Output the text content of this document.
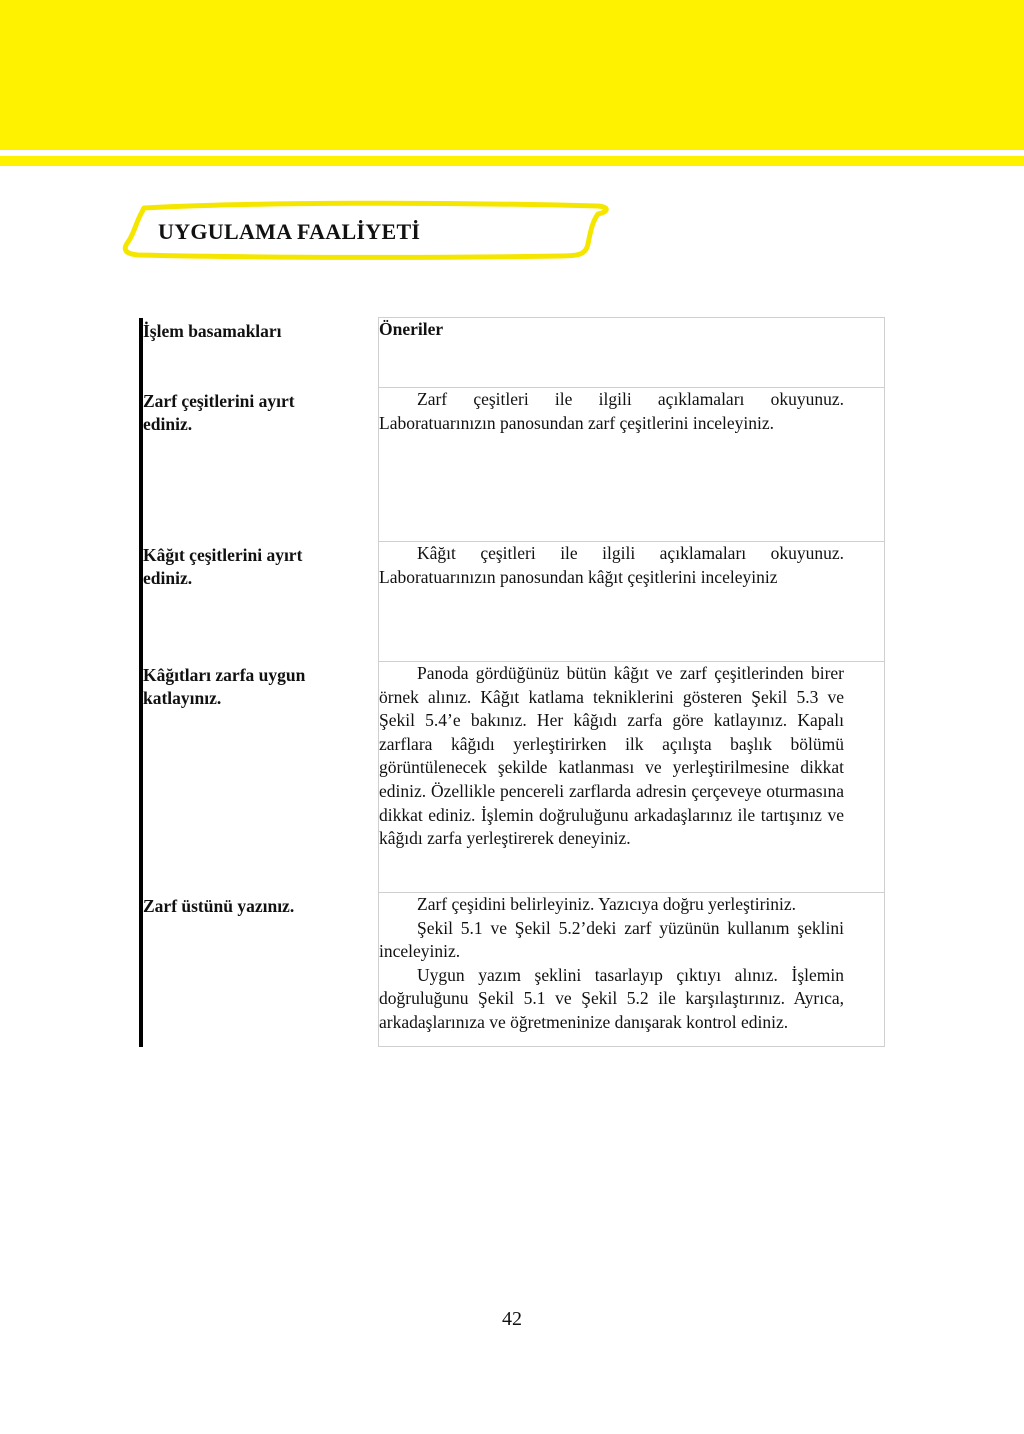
UYGULAMA FAALİYETİ
İşlem basamakları	Öneriler

Zarf çeşitlerini ayırt ediniz.	Zarf çeşitleri ile ilgili açıklamaları okuyunuz. Laboratuarınızın panosundan zarf çeşitlerini inceleyiniz.

Kâğıt çeşitlerini ayırt ediniz.	Kâğıt çeşitleri ile ilgili açıklamaları okuyunuz. Laboratuarınızın panosundan kâğıt çeşitlerini inceleyiniz

Kâğıtları zarfa uygun katlayınız.	Panoda gördüğünüz bütün kâğıt ve zarf çeşitlerinden birer örnek alınız. Kâğıt katlama tekniklerini gösteren Şekil 5.3 ve Şekil 5.4’e bakınız. Her kâğıdı zarfa göre katlayınız. Kapalı zarflara kâğıdı yerleştirirken ilk açılışta başlık bölümü görüntülenecek şekilde katlanması ve yerleştirilmesine dikkat ediniz. Özellikle pencereli zarflarda adresin çerçeveye oturmasına dikkat ediniz. İşlemin doğruluğunu arkadaşlarınız ile tartışınız ve kâğıdı zarfa yerleştirerek deneyiniz.

Zarf üstünü yazınız.	Zarf çeşidini belirleyiniz. Yazıcıya doğru yerleştiriniz.

Şekil 5.1 ve Şekil 5.2’deki zarf yüzünün kullanım şeklini inceleyiniz.

Uygun yazım şeklini tasarlayıp çıktıyı alınız. İşlemin doğruluğunu Şekil 5.1 ve Şekil 5.2 ile karşılaştırınız. Ayrıca, arkadaşlarınıza ve öğretmeninize danışarak kontrol ediniz.

42
